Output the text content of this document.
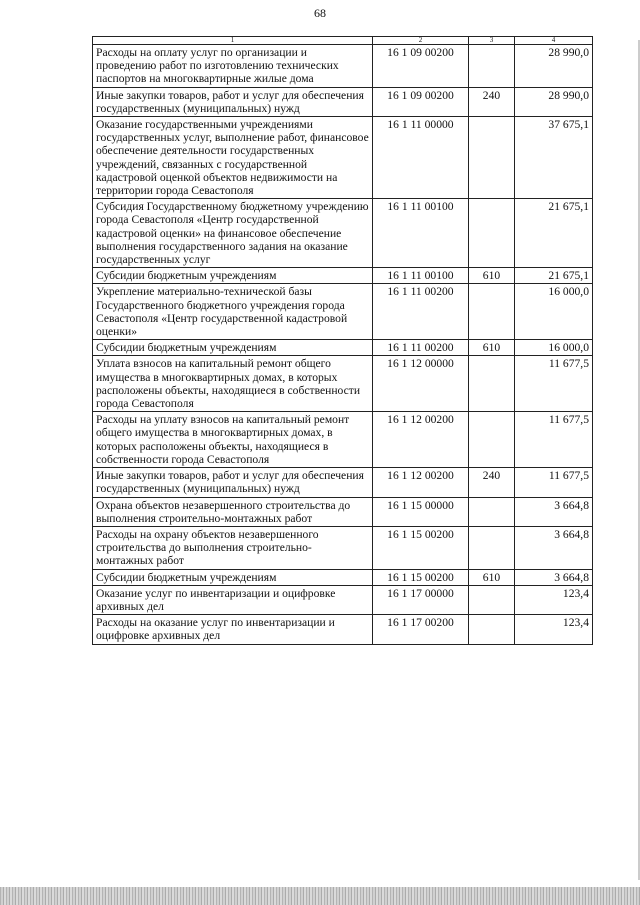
68
1	2	3	4
Расходы на оплату услуг по организации и проведению работ по изготовлению технических паспортов на многоквартирные жилые дома	16 1 09 00200		28 990,0
Иные закупки товаров, работ и услуг для обеспечения государственных (муниципальных) нужд	16 1 09 00200	240	28 990,0
Оказание государственными учреждениями государственных услуг, выполнение работ, финансовое обеспечение деятельности государственных учреждений, связанных с государственной кадастровой оценкой объектов недвижимости на территории города Севастополя	16 1 11 00000		37 675,1
Субсидия Государственному бюджетному учреждению города Севастополя «Центр государственной кадастровой оценки» на финансовое обеспечение выполнения государственного задания на оказание государственных услуг	16 1 11 00100		21 675,1
Субсидии бюджетным учреждениям	16 1 11 00100	610	21 675,1
Укрепление материально-технической базы Государственного бюджетного учреждения города Севастополя «Центр государственной кадастровой оценки»	16 1 11 00200		16 000,0
Субсидии бюджетным учреждениям	16 1 11 00200	610	16 000,0
Уплата взносов на капитальный ремонт общего имущества в многоквартирных домах, в которых расположены объекты, находящиеся в собственности города Севастополя	16 1 12 00000		11 677,5
Расходы на уплату взносов на капитальный ремонт общего имущества в многоквартирных домах, в которых расположены объекты, находящиеся в собственности города Севастополя	16 1 12 00200		11 677,5
Иные закупки товаров, работ и услуг для обеспечения государственных (муниципальных) нужд	16 1 12 00200	240	11 677,5
Охрана объектов незавершенного строительства до выполнения строительно-монтажных работ	16 1 15 00000		3 664,8
Расходы на охрану объектов незавершенного строительства до выполнения строительно-монтажных работ	16 1 15 00200		3 664,8
Субсидии бюджетным учреждениям	16 1 15 00200	610	3 664,8
Оказание услуг по инвентаризации и оцифровке архивных дел	16 1 17 00000		123,4
Расходы на оказание услуг по инвентаризации и оцифровке архивных дел	16 1 17 00200		123,4
